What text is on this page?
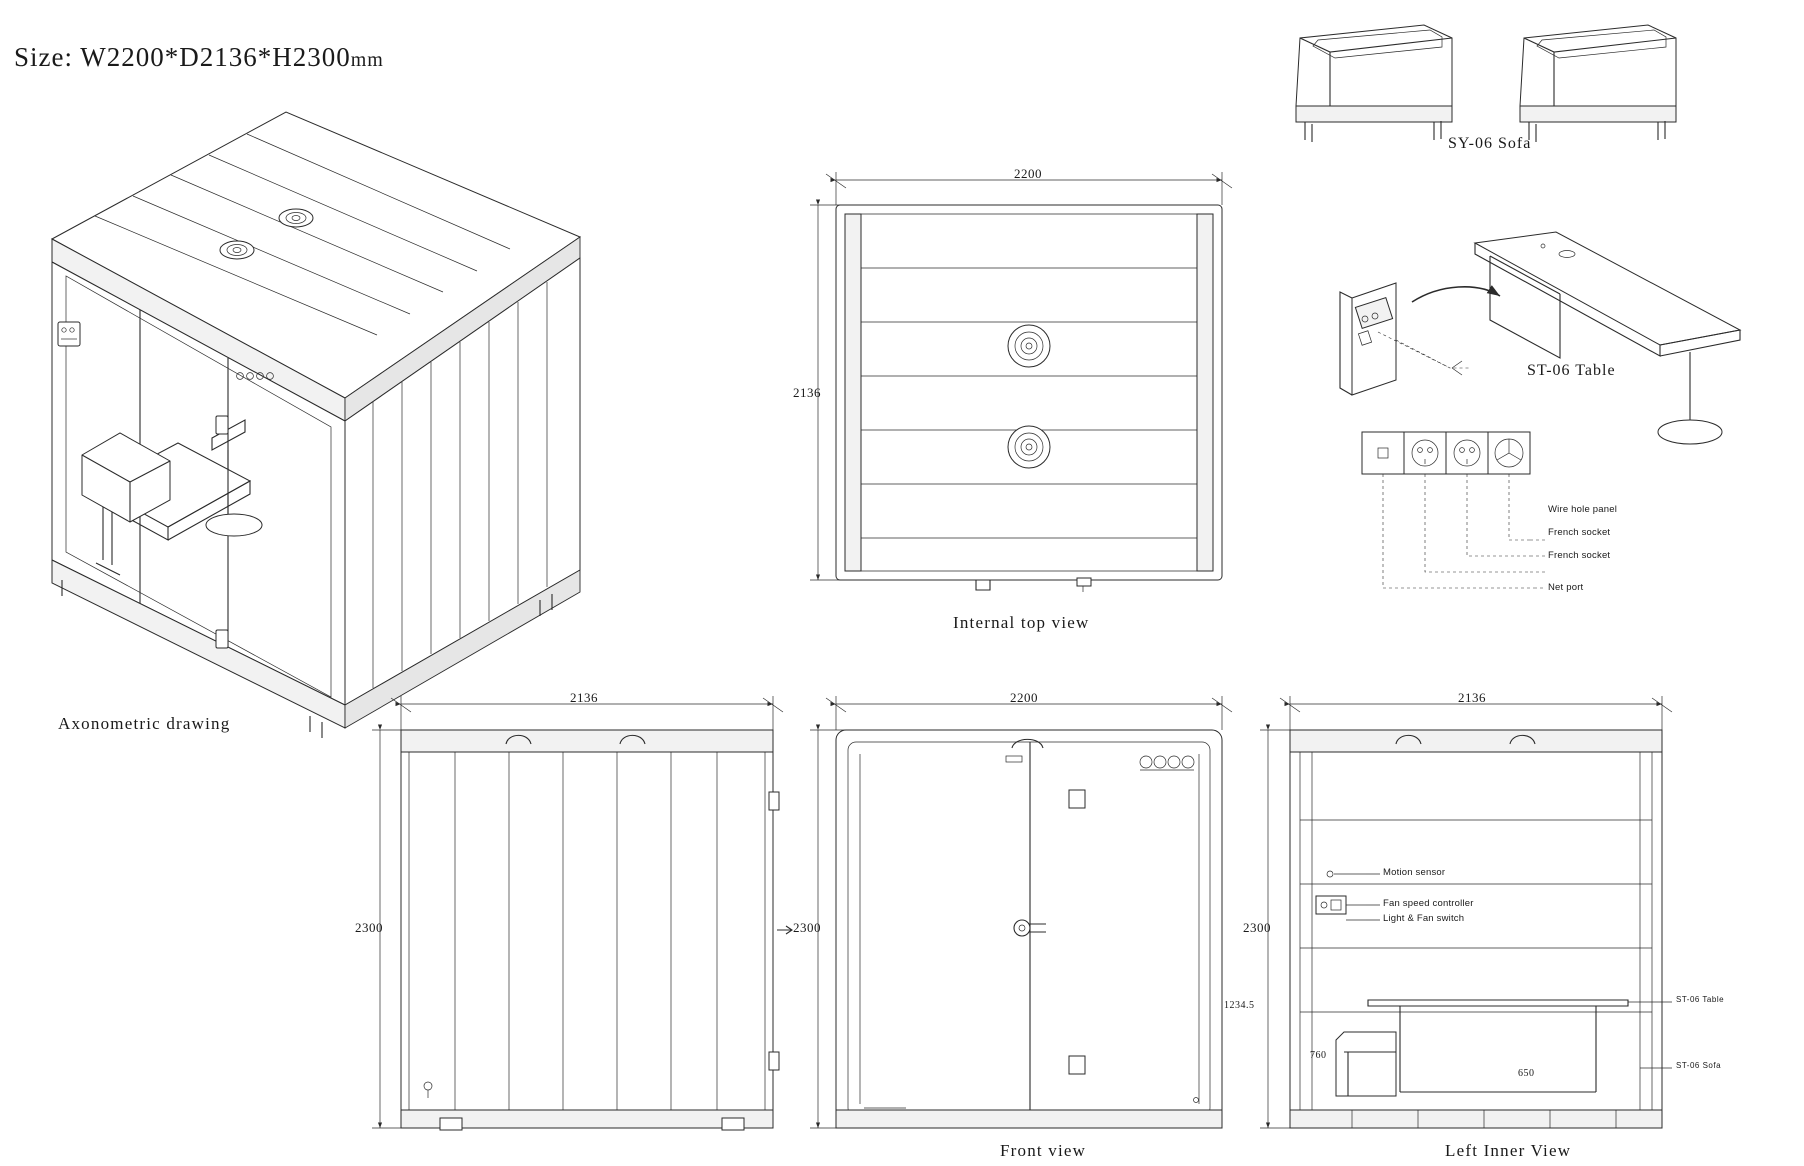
Size: W2200*D2136*H2300mm
Axonometric drawing
Internal top view
Front view	Left Inner View
SY-06 Sofa
ST-06 Table
2200
2136
2136
2300
2200
2300
2136
2300
1234.5
760
650
Wire hole panel
French socket
French socket
Net port
Motion sensor
Fan speed controller
Light & Fan switch
ST-06 Table
ST-06 Sofa
